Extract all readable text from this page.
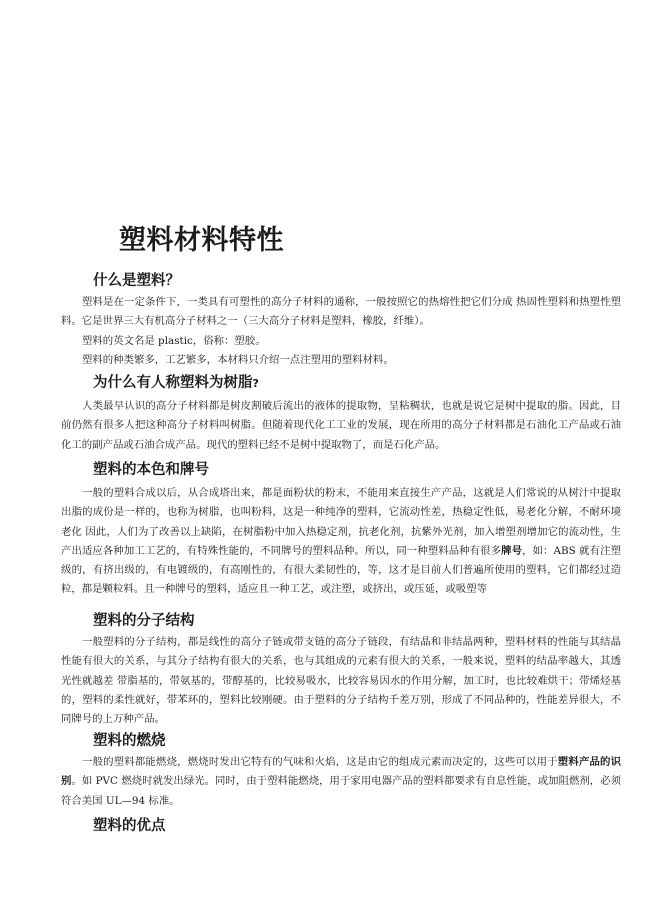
塑料材料特性
什么是塑料？

塑料是在一定条件下，一类具有可塑性的高分子材料的通称，一般按照它的热熔性把它们分成 热固性塑料和热塑性塑料。它是世界三大有机高分子材料之一（三大高分子材料是塑料，橡胶，纤维）。

塑料的英文名是 plastic，俗称：塑胶。

塑料的种类繁多，工艺繁多，本材料只介绍一点注塑用的塑料材料。

为什么有人称塑料为树脂?

人类最早认识的高分子材料都是树皮割破后流出的液体的提取物，呈粘稠状，也就是说它是树中提取的脂。因此，目前仍然有很多人把这种高分子材料叫树脂。但随着现代化工工业的发展，现在所用的高分子材料都是石油化工产品或石油化工的副产品或石油合成产品。现代的塑料已经不是树中提取物了，而是石化产品。

塑料的本色和牌号

一般的塑料合成以后，从合成塔出来，都是面粉状的粉末，不能用来直接生产产品，这就是人们常说的从树汁中提取出脂的成份是一样的，也称为树脂，也叫粉料，这是一种纯净的塑料，它流动性差，热稳定性低，易老化分解，不耐环境老化 因此，人们为了改善以上缺陷，在树脂粉中加入热稳定剂，抗老化剂，抗紫外光剂，加入增塑剂增加它的流动性，生产出适应各种加工工艺的，有特殊性能的，不同牌号的塑料品种。所以，同一种塑料品种有很多牌号，如：ABS 就有注塑级的，有挤出级的，有电镀级的，有高刚性的，有很大柔韧性的，等，这才是目前人们普遍所使用的塑料，它们都经过造粒，都是颗粒料。且一种牌号的塑料，适应且一种工艺，或注塑，或挤出，或压延，或吸塑等

塑料的分子结构

一般塑料的分子结构，都是线性的高分子链或带支链的高分子链段，有结晶和非结晶两种，塑料材料的性能与其结晶性能有很大的关系，与其分子结构有很大的关系，也与其组成的元素有很大的关系，一般来说，塑料的结晶率越大，其透光性就越差 带脂基的，带氨基的，带醇基的，比较易吸水，比较容易因水的作用分解，加工时，也比较难烘干；带烯烃基的，塑料的柔性就好，带苯环的，塑料比较刚硬。由于塑料的分子结构千差万别，形成了不同品种的，性能差异很大，不同牌号的上万种产品。

塑料的燃烧

一般的塑料都能燃烧，燃烧时发出它特有的气味和火焰，这是由它的组成元素而决定的，这些可以用于塑料产品的识别。如 PVC 燃烧时就发出绿光。同时，由于塑料能燃烧，用于家用电器产品的塑料都要求有自息性能，或加阻燃剂，必须符合美国 UL—94 标准。

塑料的优点
